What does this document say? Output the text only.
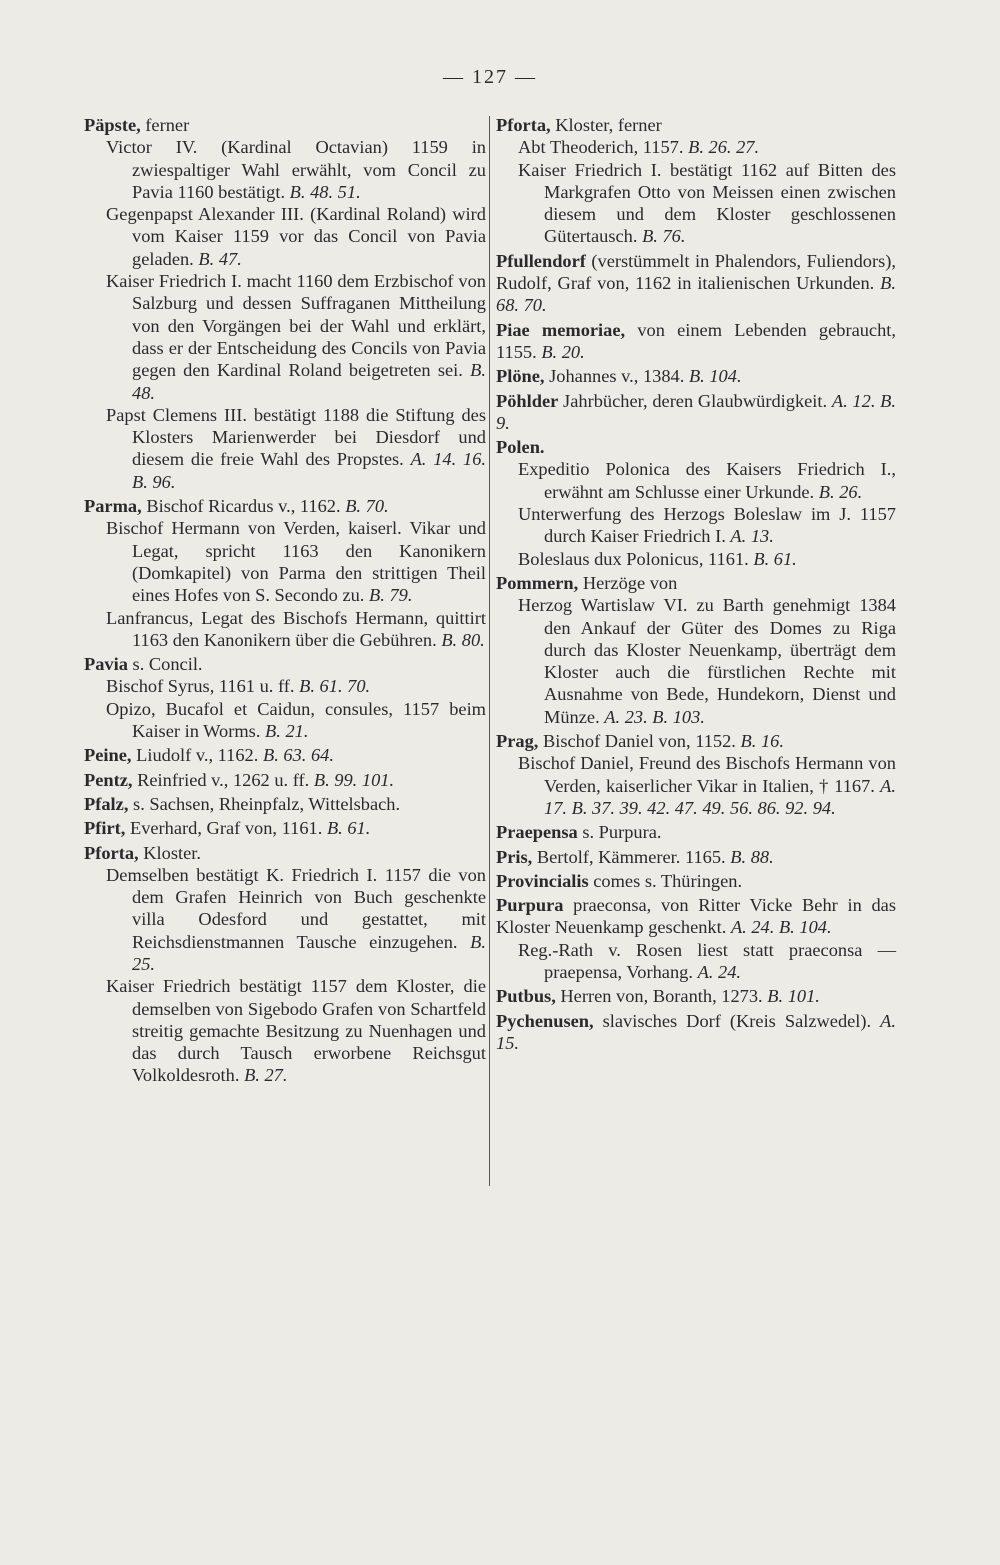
— 127 —
Päpste, ferner
Victor IV. (Kardinal Octavian) 1159 in zwiespaltiger Wahl erwählt, vom Concil zu Pavia 1160 bestätigt. B. 48. 51.
Gegenpapst Alexander III. (Kardinal Roland) wird vom Kaiser 1159 vor das Concil von Pavia geladen. B. 47.
Kaiser Friedrich I. macht 1160 dem Erzbischof von Salzburg und dessen Suffraganen Mittheilung von den Vorgängen bei der Wahl und erklärt, dass er der Entscheidung des Concils von Pavia gegen den Kardinal Roland beigetreten sei. B. 48.
Papst Clemens III. bestätigt 1188 die Stiftung des Klosters Marienwerder bei Diesdorf und diesem die freie Wahl des Propstes. A. 14. 16. B. 96.
Parma, Bischof Ricardus v., 1162. B. 70.
Bischof Hermann von Verden, kaiserl. Vikar und Legat, spricht 1163 den Kanonikern (Domkapitel) von Parma den strittigen Theil eines Hofes von S. Secondo zu. B. 79.
Lanfrancus, Legat des Bischofs Hermann, quittirt 1163 den Kanonikern über die Gebühren. B. 80.
Pavia s. Concil.
Bischof Syrus, 1161 u. ff. B. 61. 70.
Opizo, Bucafol et Caidun, consules, 1157 beim Kaiser in Worms. B. 21.
Peine, Liudolf v., 1162. B. 63. 64.
Pentz, Reinfried v., 1262 u. ff. B. 99. 101.
Pfalz, s. Sachsen, Rheinpfalz, Wittelsbach.
Pfirt, Everhard, Graf von, 1161. B. 61.
Pforta, Kloster.
Demselben bestätigt K. Friedrich I. 1157 die von dem Grafen Heinrich von Buch geschenkte villa Odesford und gestattet, mit Reichsdienstmannen Tausche einzugehen. B. 25.
Kaiser Friedrich bestätigt 1157 dem Kloster, die demselben von Sigebodo Grafen von Schartfeld streitig gemachte Besitzung zu Nuenhagen und das durch Tausch erworbene Reichsgut Volkoldesroth. B. 27.
Pforta, Kloster, ferner
Abt Theoderich, 1157. B. 26. 27.
Kaiser Friedrich I. bestätigt 1162 auf Bitten des Markgrafen Otto von Meissen einen zwischen diesem und dem Kloster geschlossenen Gütertausch. B. 76.
Pfullendorf (verstümmelt in Phalendors, Fuliendors), Rudolf, Graf von, 1162 in italienischen Urkunden. B. 68. 70.
Piae memoriae, von einem Lebenden gebraucht, 1155. B. 20.
Plöne, Johannes v., 1384. B. 104.
Pöhlder Jahrbücher, deren Glaubwürdigkeit. A. 12. B. 9.
Polen.
Expeditio Polonica des Kaisers Friedrich I., erwähnt am Schlusse einer Urkunde. B. 26.
Unterwerfung des Herzogs Boleslaw im J. 1157 durch Kaiser Friedrich I. A. 13.
Boleslaus dux Polonicus, 1161. B. 61.
Pommern, Herzöge von
Herzog Wartislaw VI. zu Barth genehmigt 1384 den Ankauf der Güter des Domes zu Riga durch das Kloster Neuenkamp, überträgt dem Kloster auch die fürstlichen Rechte mit Ausnahme von Bede, Hundekorn, Dienst und Münze. A. 23. B. 103.
Prag, Bischof Daniel von, 1152. B. 16.
Bischof Daniel, Freund des Bischofs Hermann von Verden, kaiserlicher Vikar in Italien, † 1167. A. 17. B. 37. 39. 42. 47. 49. 56. 86. 92. 94.
Praepensa s. Purpura.
Pris, Bertolf, Kämmerer. 1165. B. 88.
Provincialis comes s. Thüringen.
Purpura praeconsa, von Ritter Vicke Behr in das Kloster Neuenkamp geschenkt. A. 24. B. 104.
Reg.-Rath v. Rosen liest statt praeconsa — praepensa, Vorhang. A. 24.
Putbus, Herren von, Boranth, 1273. B. 101.
Pychenusen, slavisches Dorf (Kreis Salzwedel). A. 15.
